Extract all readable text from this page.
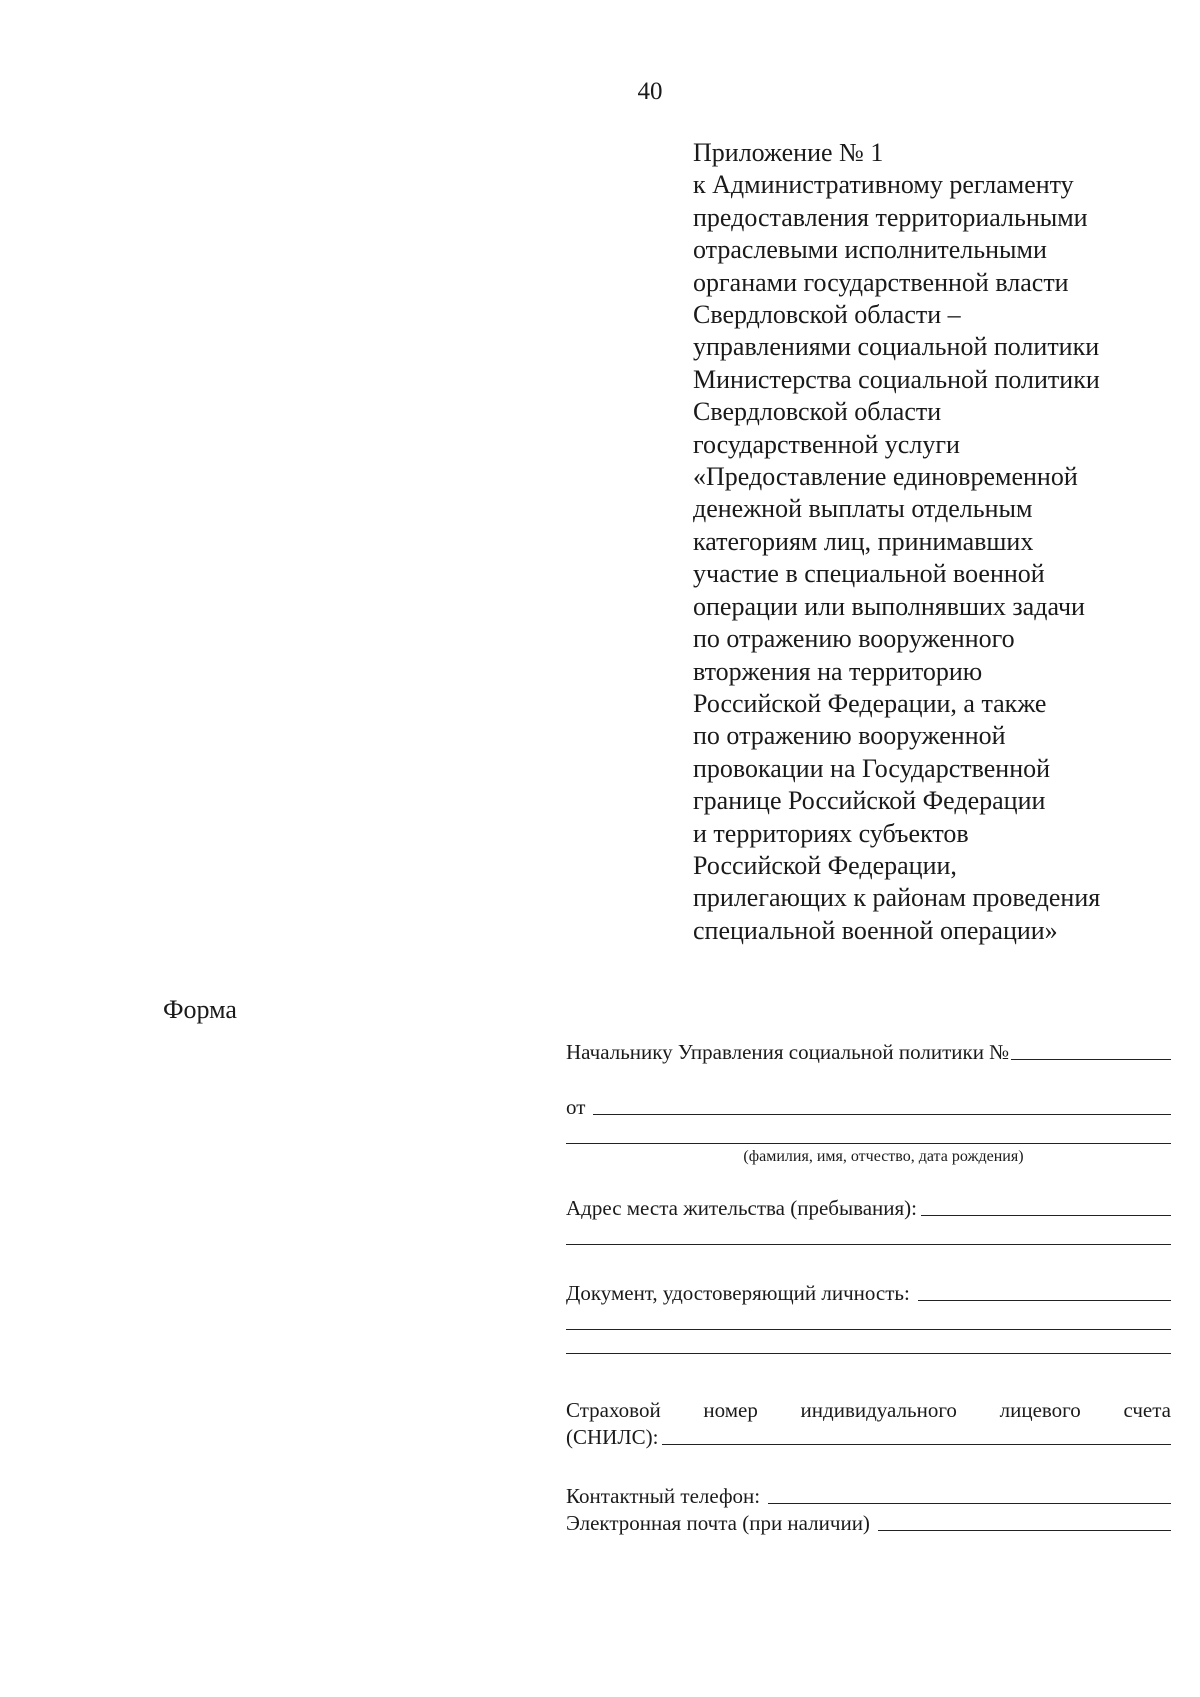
40
Приложение № 1
к Административному регламенту
предоставления территориальными
отраслевыми исполнительными
органами государственной власти
Свердловской области –
управлениями социальной политики
Министерства социальной политики
Свердловской области
государственной услуги
«Предоставление единовременной
денежной выплаты отдельным
категориям лиц, принимавших
участие в специальной военной
операции или выполнявших задачи
по отражению вооруженного
вторжения на территорию
Российской Федерации, а также
по отражению вооруженной
провокации на Государственной
границе Российской Федерации
и территориях субъектов
Российской Федерации,
прилегающих к районам проведения
специальной военной операции»
Форма
Начальнику Управления социальной политики №
от
(фамилия, имя, отчество, дата рождения)
Адрес места жительства (пребывания):
Документ, удостоверяющий личность:
Страховой номер индивидуального лицевого счета
(СНИЛС):
Контактный телефон:
Электронная почта (при наличии)
